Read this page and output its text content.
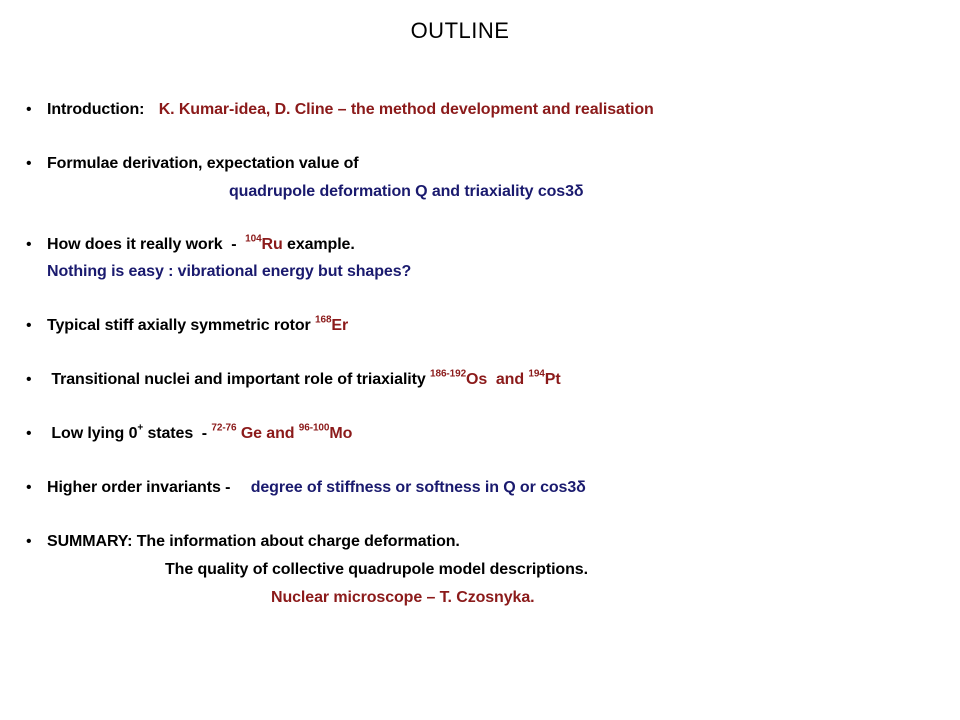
OUTLINE
• Introduction: K. Kumar-idea, D. Cline – the method development and realisation
• Formulae derivation, expectation value of
quadrupole deformation Q and triaxiality cos3δ
• How does it really work  -  $^{104}$Ru example.
Nothing is easy : vibrational energy but shapes?
• Typical stiff axially symmetric rotor $^{168}$Er
• Transitional nuclei and important role of triaxiality $^{186-192}$Os  and $^{194}$Pt
• Low lying 0+ states  - $^{72-76}$ Ge and $^{96-100}$Mo
• Higher order invariants - degree of stiffness or softness in Q or cos3δ
• SUMMARY: The information about charge deformation.
The quality of collective quadrupole model descriptions.
Nuclear microscope – T. Czosnyka.
